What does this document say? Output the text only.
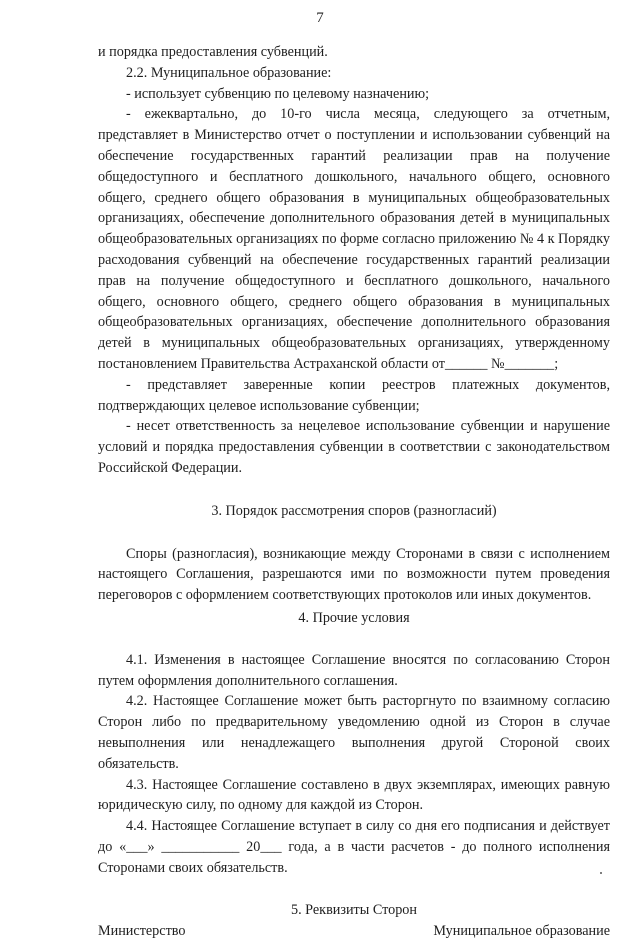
7

и порядка предоставления субвенций.

2.2. Муниципальное образование:

- использует субвенцию по целевому назначению;

- ежеквартально, до 10-го числа месяца, следующего за отчетным, представляет в Министерство отчет о поступлении и использовании субвенций на обеспечение государственных гарантий реализации прав на получение общедоступного и бесплатного дошкольного, начального общего, основного общего, среднего общего образования в муниципальных общеобразовательных организациях, обеспечение дополнительного образования детей в муниципальных общеобразовательных организациях по форме согласно приложению № 4 к Порядку расходования субвенций на обеспечение государственных гарантий реализации прав на получение общедоступного и бесплатного дошкольного, начального общего, основного общего, среднего общего образования в муниципальных общеобразовательных организациях, обеспечение дополнительного образования детей в муниципальных общеобразовательных организациях, утвержденному постановлением Правительства Астраханской области от______ №_______;

- представляет заверенные копии реестров платежных документов, подтверждающих целевое использование субвенции;

- несет ответственность за нецелевое использование субвенции и нарушение условий и порядка предоставления субвенции в соответствии с законодательством Российской Федерации.

3. Порядок рассмотрения споров (разногласий)

Споры (разногласия), возникающие между Сторонами в связи с исполнением настоящего Соглашения, разрешаются ими по возможности путем проведения переговоров с оформлением соответствующих протоколов или иных документов.

4. Прочие условия

4.1. Изменения в настоящее Соглашение вносятся по согласованию Сторон путем оформления дополнительного соглашения.

4.2. Настоящее Соглашение может быть расторгнуто по взаимному согласию Сторон либо по предварительному уведомлению одной из Сторон в случае невыполнения или ненадлежащего выполнения другой Стороной своих обязательств.

4.3. Настоящее Соглашение составлено в двух экземплярах, имеющих равную юридическую силу, по одному для каждой из Сторон.

4.4. Настоящее Соглашение вступает в силу со дня его подписания и действует до «___» ___________ 20___ года, а в части расчетов - до полного исполнения Сторонами своих обязательств.

5. Реквизиты Сторон

Министерство	Муниципальное образование
